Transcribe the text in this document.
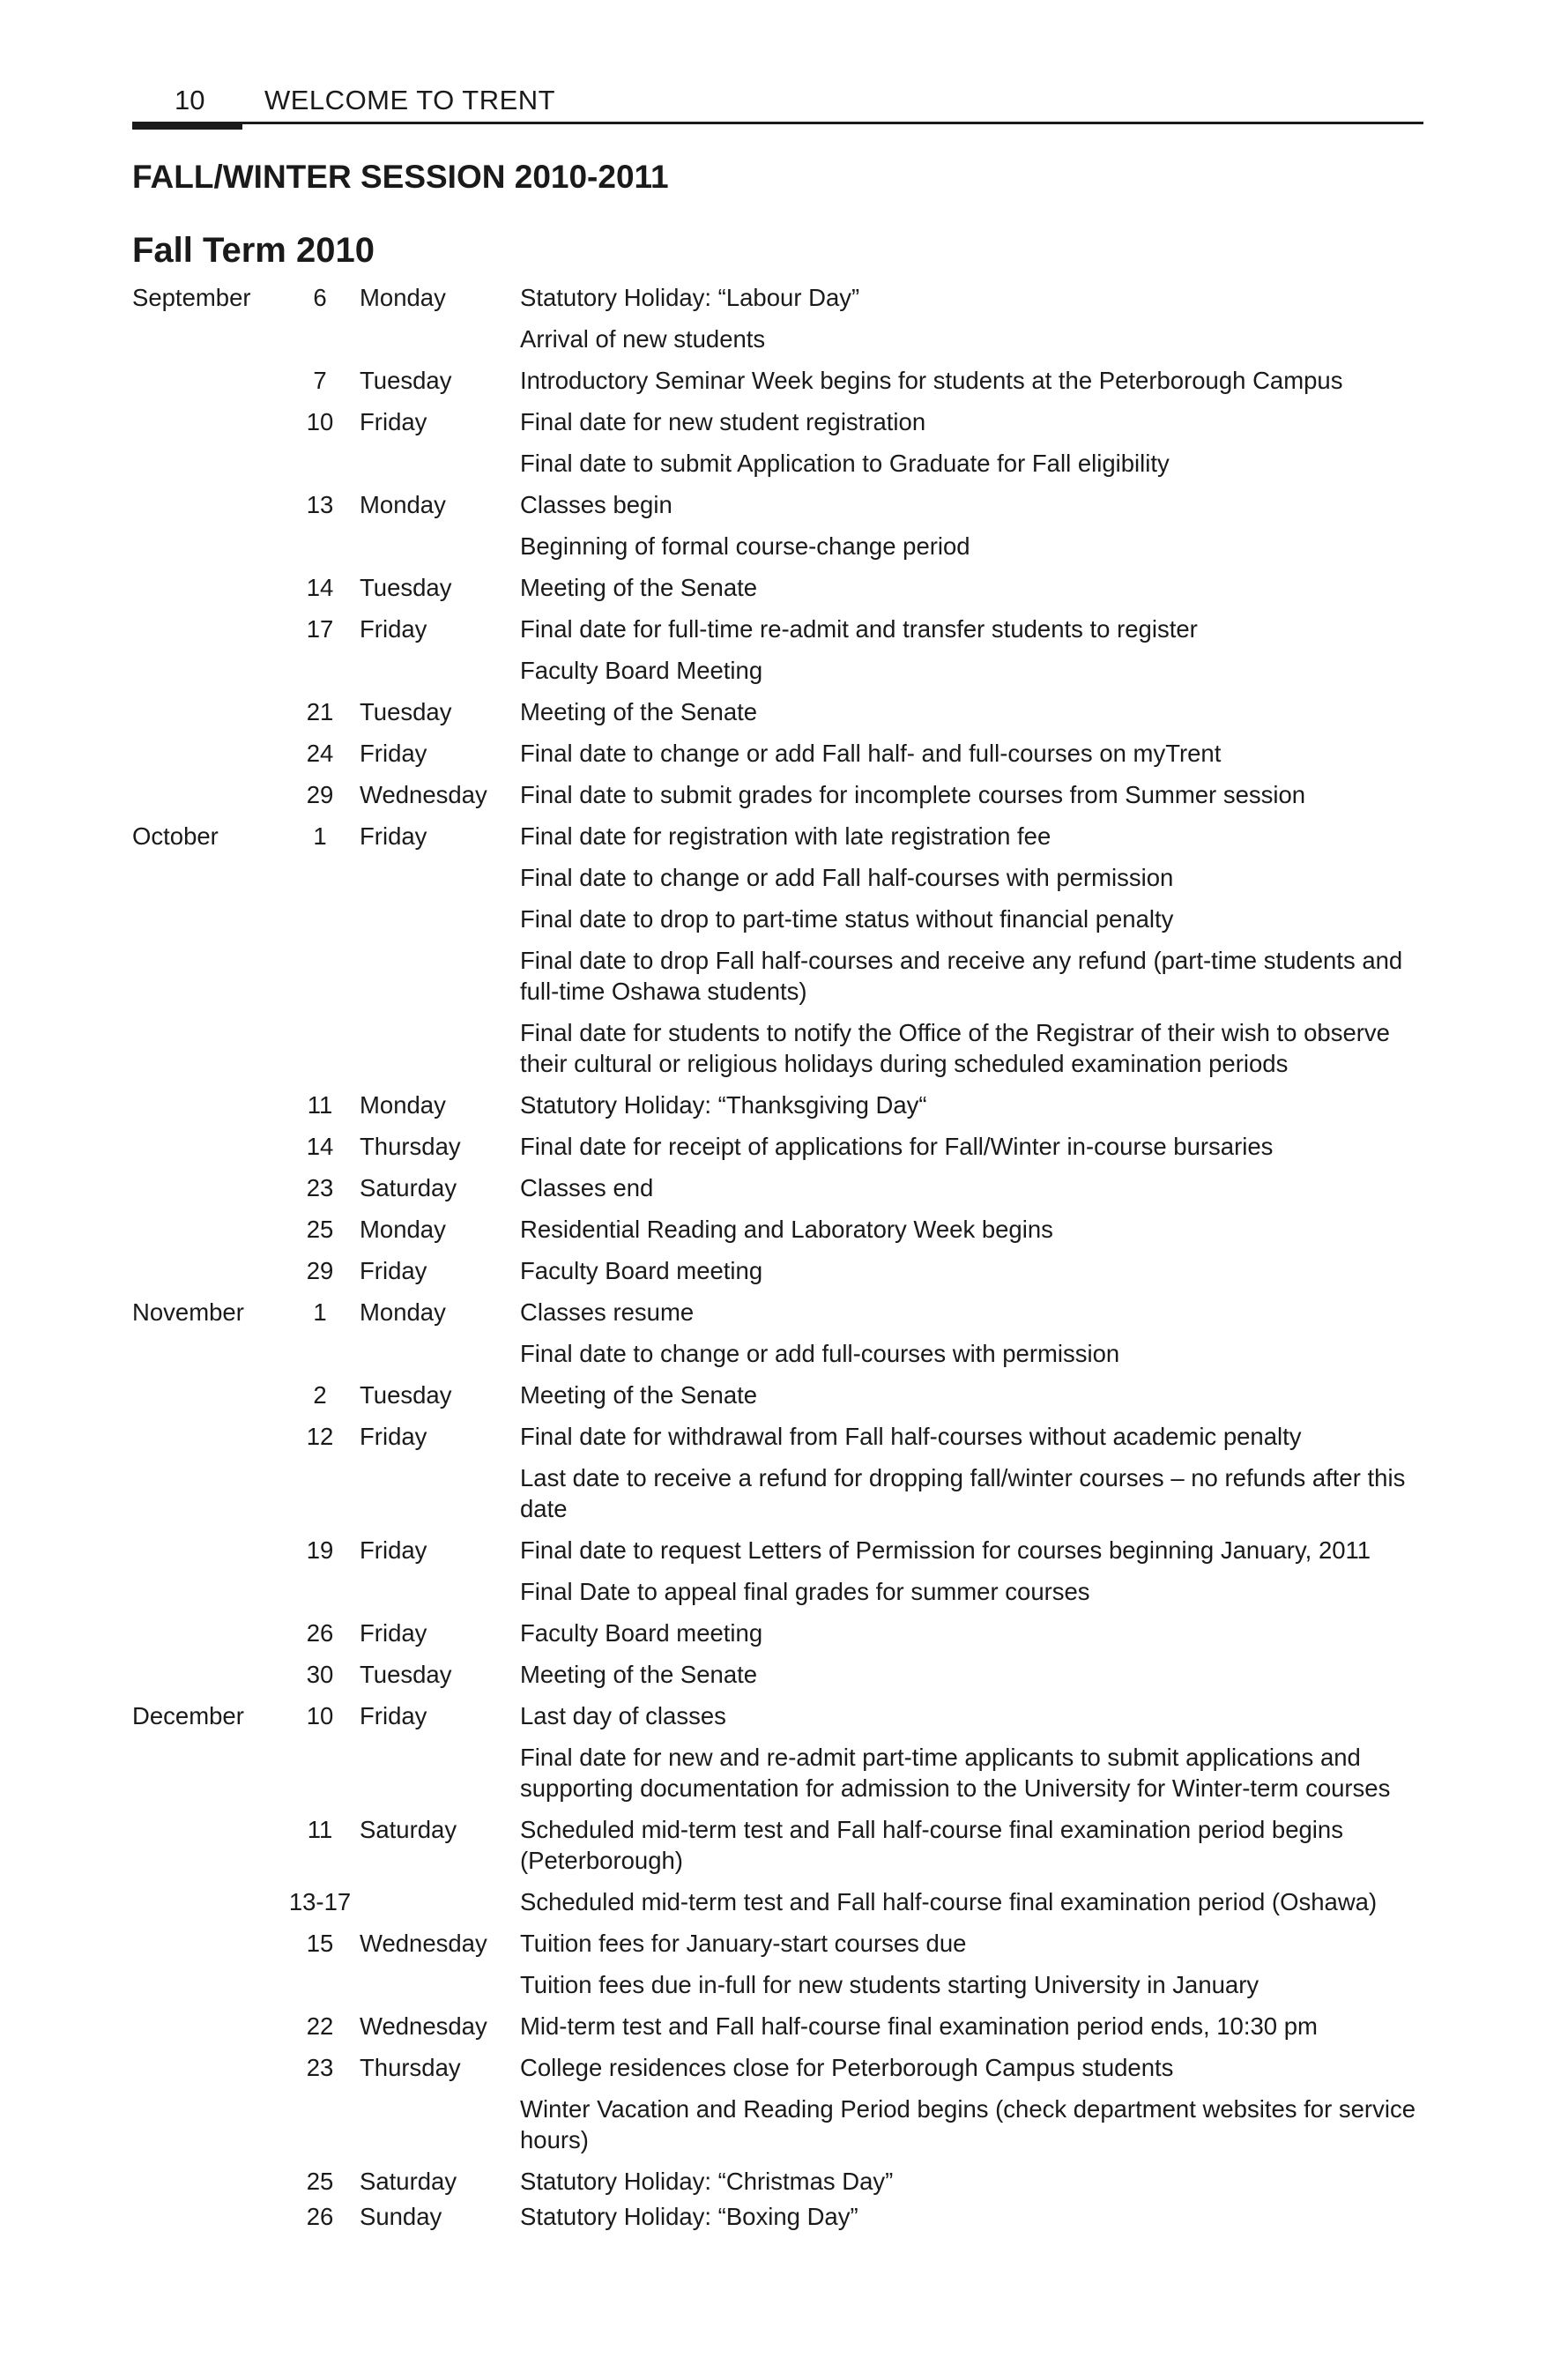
10 WELCOME TO TRENT
FALL/WINTER SESSION 2010-2011
Fall Term 2010
September	6	Monday	Statutory Holiday: “Labour Day”
Arrival of new students
7	Tuesday	Introductory Seminar Week begins for students at the Peterborough Campus
10	Friday	Final date for new student registration
Final date to submit Application to Graduate for Fall eligibility
13	Monday	Classes begin
Beginning of formal course-change period
14	Tuesday	Meeting of the Senate
17	Friday	Final date for full-time re-admit and transfer students to register
Faculty Board Meeting
21	Tuesday	Meeting of the Senate
24	Friday	Final date to change or add Fall half- and full-courses on myTrent
29	Wednesday	Final date to submit grades for incomplete courses from Summer session
October	1	Friday	Final date for registration with late registration fee
Final date to change or add Fall half-courses with permission
Final date to drop to part-time status without financial penalty
Final date to drop Fall half-courses and receive any refund (part-time students and full-time Oshawa students)
Final date for students to notify the Office of the Registrar of their wish to observe their cultural or religious holidays during scheduled examination periods
11	Monday	Statutory Holiday: “Thanksgiving Day“
14	Thursday	Final date for receipt of applications for Fall/Winter in-course bursaries
23	Saturday	Classes end
25	Monday	Residential Reading and Laboratory Week begins
29	Friday	Faculty Board meeting
November	1	Monday	Classes resume
Final date to change or add full-courses with permission
2	Tuesday	Meeting of the Senate
12	Friday	Final date for withdrawal from Fall half-courses without academic penalty
Last date to receive a refund for dropping fall/winter courses – no refunds after this date
19	Friday	Final date to request Letters of Permission for courses beginning January, 2011
Final Date to appeal final grades for summer courses
26	Friday	Faculty Board meeting
30	Tuesday	Meeting of the Senate
December	10	Friday	Last day of classes
Final date for new and re-admit part-time applicants to submit applications and supporting documentation for admission to the University for Winter-term courses
11	Saturday	Scheduled mid-term test and Fall half-course final examination period begins (Peterborough)
13-17	Scheduled mid-term test and Fall half-course final examination period (Oshawa)
15	Wednesday	Tuition fees for January-start courses due
Tuition fees due in-full for new students starting University in January
22	Wednesday	Mid-term test and Fall half-course final examination period ends, 10:30 pm
23	Thursday	College residences close for Peterborough Campus students
Winter Vacation and Reading Period begins (check department websites for service hours)
25	Saturday	Statutory Holiday: “Christmas Day”
26	Sunday	Statutory Holiday: “Boxing Day”
